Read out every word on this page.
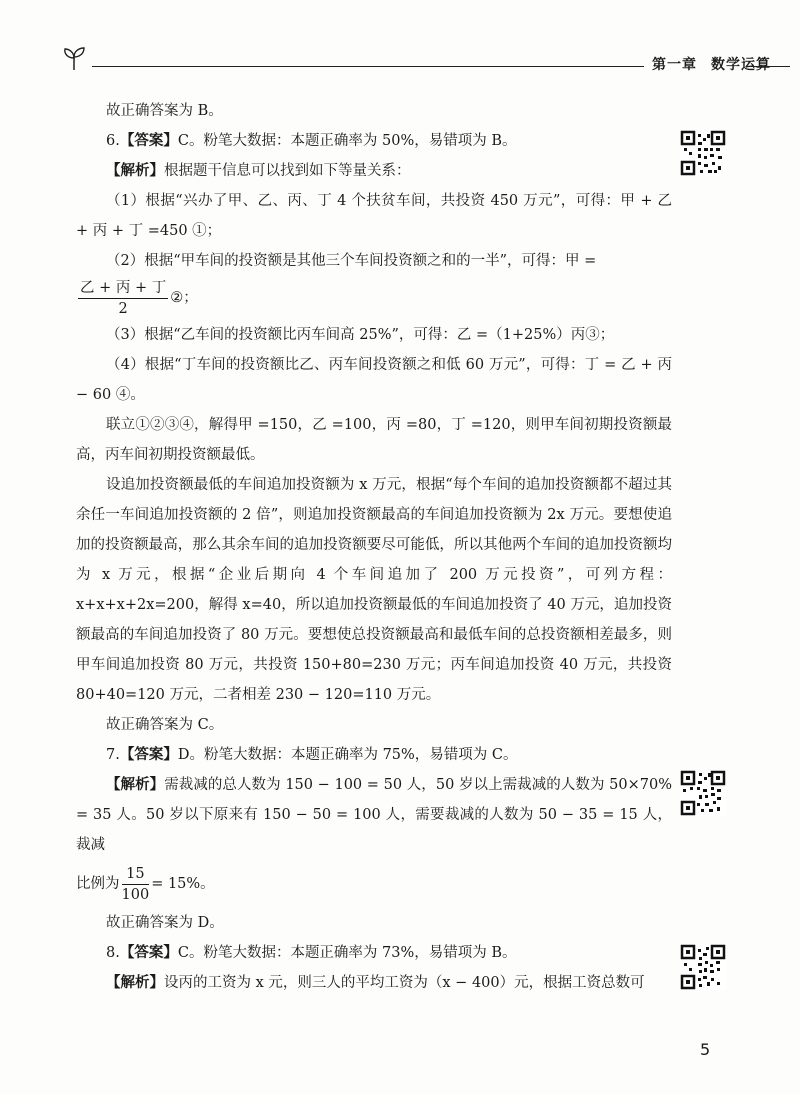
第一章 数学运算

故正确答案为 B。

6.【答案】C。粉笔大数据：本题正确率为 50%，易错项为 B。

【解析】根据题干信息可以找到如下等量关系：

（1）根据“兴办了甲、乙、丙、丁 4 个扶贫车间，共投资 450 万元”，可得：甲 + 乙 + 丙 + 丁 =450 ①；

（2）根据“甲车间的投资额是其他三个车间投资额之和的一半”，可得：甲 =

$\frac{\text{乙 + 丙 + 丁}}{2}$ ②；

（3）根据“乙车间的投资额比丙车间高 25%”，可得：乙 =（1+25%）丙③；

（4）根据“丁车间的投资额比乙、丙车间投资额之和低 60 万元”，可得：丁 = 乙 + 丙 − 60 ④。

联立①②③④，解得甲 =150，乙 =100，丙 =80，丁 =120，则甲车间初期投资额最高，丙车间初期投资额最低。

设追加投资额最低的车间追加投资额为 x 万元，根据“每个车间的追加投资额都不超过其余任一车间追加投资额的 2 倍”，则追加投资额最高的车间追加投资额为 2x 万元。要想使追加的投资额最高，那么其余车间的追加投资额要尽可能低，所以其他两个车间的追加投资额均为 x 万元，根据“企业后期向 4 个车间追加了 200 万元投资”，可列方程：x+x+x+2x=200，解得 x=40，所以追加投资额最低的车间追加投资了 40 万元，追加投资额最高的车间追加投资了 80 万元。要想使总投资额最高和最低车间的总投资额相差最多，则甲车间追加投资 80 万元，共投资 150+80=230 万元；丙车间追加投资 40 万元，共投资 80+40=120 万元，二者相差 230 − 120=110 万元。

故正确答案为 C。

7.【答案】D。粉笔大数据：本题正确率为 75%，易错项为 C。

【解析】需裁减的总人数为 150 − 100 = 50 人，50 岁以上需裁减的人数为 50×70% = 35 人。50 岁以下原来有 150 − 50 = 100 人，需要裁减的人数为 50 − 35 = 15 人，裁减

比例为 $\frac{15}{100} = 15\%$。

故正确答案为 D。

8.【答案】C。粉笔大数据：本题正确率为 73%，易错项为 B。

【解析】设丙的工资为 x 元，则三人的平均工资为（x − 400）元，根据工资总数可

5
